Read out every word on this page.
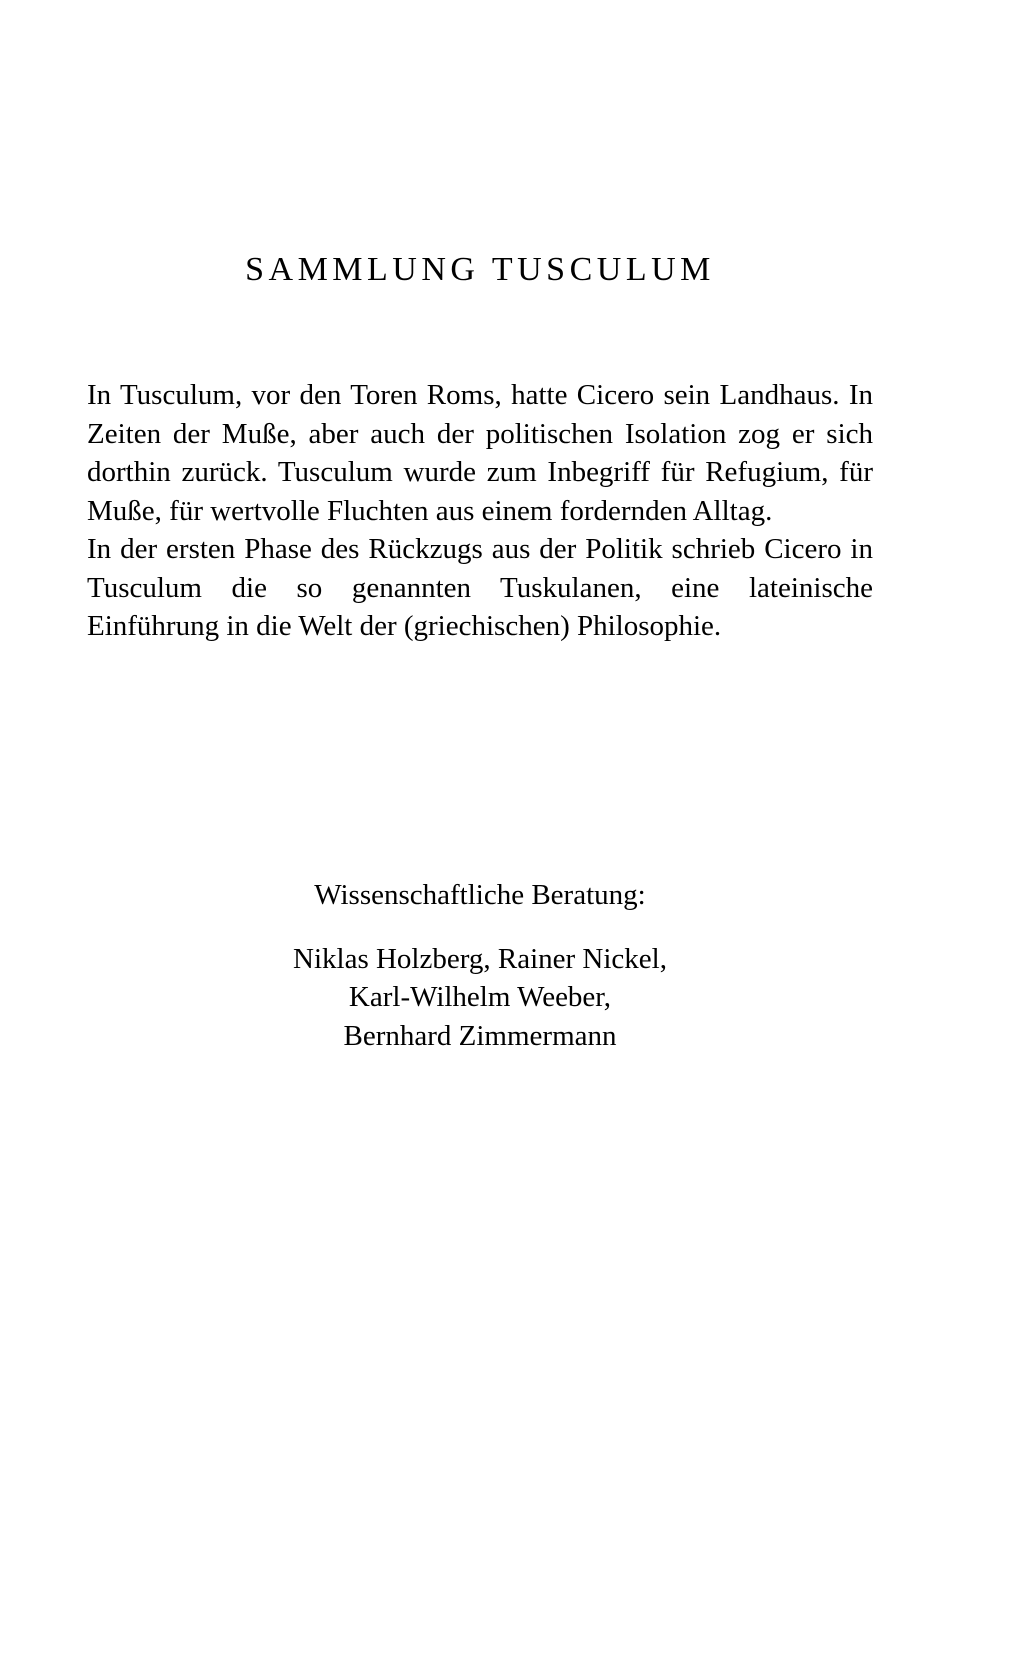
SAMMLUNG TUSCULUM

In Tusculum, vor den Toren Roms, hatte Cicero sein Landhaus. In Zeiten der Muße, aber auch der politischen Isolation zog er sich dorthin zurück. Tusculum wurde zum Inbegriff für Refugium, für Muße, für wertvolle Fluchten aus einem fordernden Alltag.

In der ersten Phase des Rückzugs aus der Politik schrieb Cicero in Tusculum die so genannten Tuskulanen, eine lateinische Einführung in die Welt der (griechischen) Philosophie.

Wissenschaftliche Beratung:

Niklas Holzberg, Rainer Nickel,
Karl-Wilhelm Weeber,
Bernhard Zimmermann
